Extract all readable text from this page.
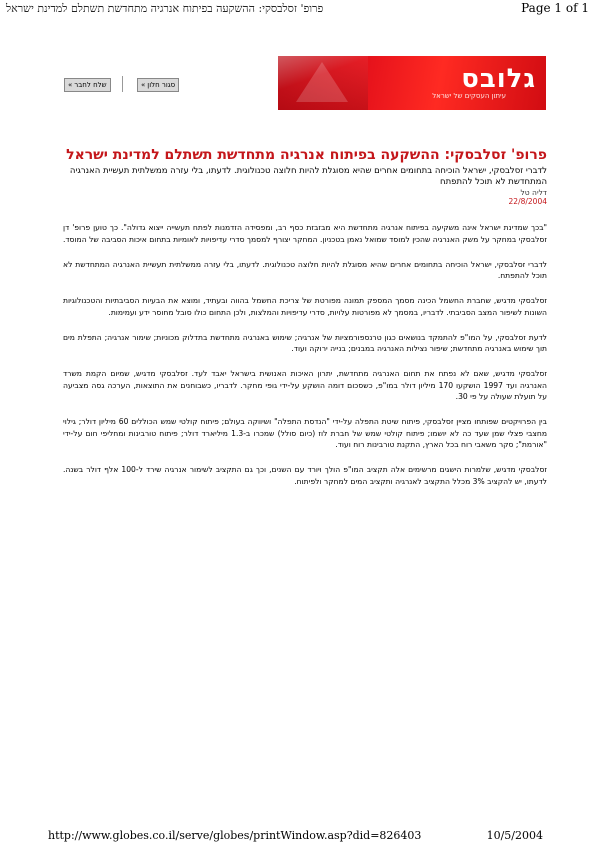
פרופ' זסלבסקי: ההשקעה בפיתוח אנרגיה מתחדשת תשתלם למדינת ישראל	Page 1 of 1
« שלח לחבר	« סגור חלון	גלובס
עיתון העסקים של ישראל
פרופ' זסלבסקי: ההשקעה בפיתוח אנרגיה מתחדשת תשתלם למדינת ישראל
לדברי זסלבסקי, ישראל הוכיחה בתחומים אחרים שהיא מסוגלת להיות חלוצה טכנולוגית. לדעתו, בלי עזרה ממשלתית תעשיית האנרגיה המתחדשת לא תוכל להתפתח
דליה טל
22/8/2004

"בכך שמדינת ישראל אינה משקיעה בפיתוח אנרגיה מתחדשת היא מבזבזת כסף רב, ומפסידה הזדמנות לפתח תעשייה ייצוא גדולה". כך טוען פרופ' דן זסלבסקי במחקר על משק האנרגיה שהכין למוסד שמואל נאמן בטכניון. המחקר יצורף למסמך סדרי עדיפויות לאומיות בתחום איכות הסביבה של המוסד.

לדברי זסלבסקי, ישראל הוכיחה בתחומים אחרים שהיא מסוגלת להיות חלוצה טכנולוגית. לדעתו, בלי עזרה ממשלתית תעשיית האנרגיה המתחדשת לא תוכל להתפתח.

זסלבסקי מדגיש, שחברת החשמל הכינה מסמך המספק תמונה מפורטת של צריכת החשמל בהווה ובעתיד, ומוצא את הבעיות הסביבתיות והטכנולוגיות השונות לשיפור המצב הסביבתי. לדבריו, במסמך לא מפורטות עלויות, סדרי עדיפויות והמלצות, ולכן התחום כולו סובל מחוסר ידע ועמימות.

לדעת זסלבסקי, על המו"פ להתמקד בנושאים כגון טרנספורמציות של אנרגיה; שימוש באנרגיה מתחדשת בתדלוק מכוניות; שימור אנרגיה; התפלת מים תוך שימוש באנרגיה מתחדשת; שיפור נצילות האנרגיה במבנים; בנייה ירוקה ועוד.

זסלבסקי מדגיש, שאם לא נפתח את תחום האנרגיה מתחדשת, יתרון האיכות האנושית בישראל יאבד לעד. זסלבסקי מדגיש, שמיום הקמת משרד האנרגיה ועד 1997 הושקעו 170 מיליון דולר במו"פ, כשסכום דומה הושקע על-ידי גופי מחקר. לדבריו, כשבוחנים את התוצאות, הערכה גסה מצביעה על תועלת שעולה על פי 30.

בין הפרויקטים שפותחו מציין זסלבסקי, פיתוח שיטת התפלה על-ידי "הנדסת התפלה" ושיווקה בעולם; פיתוח קולטי שמש הכוללים 60 מיליון דולר; גילוי מחצבי פצלי שמן שעד כה לא יושמו; פיתוח קולטי שמש של חברת לוז (כיום סולל) שמכרו ב-1.3 מיליארד דולר; פיתוח טורבינות ומחליפי חום על-ידי "אורמת"; סקר משאבי רוח בכל הארץ, התקנת טורבינות רוח ועוד.

זסלבסקי מדגיש, שלמרות הישגים מרשימים אלה תקציב המו"פ הולך ויורד עם השנים, וכך גם התקציב לשימור אנרגיה שירד ל-100 אלף דולר בשנה. לדעתו, יש להקציב 3% מכלל התקציב לאנרגיה ותקציב המים למחקר ולפיתוח.

http://www.globes.co.il/serve/globes/printWindow.asp?did=826403	10/5/2004
